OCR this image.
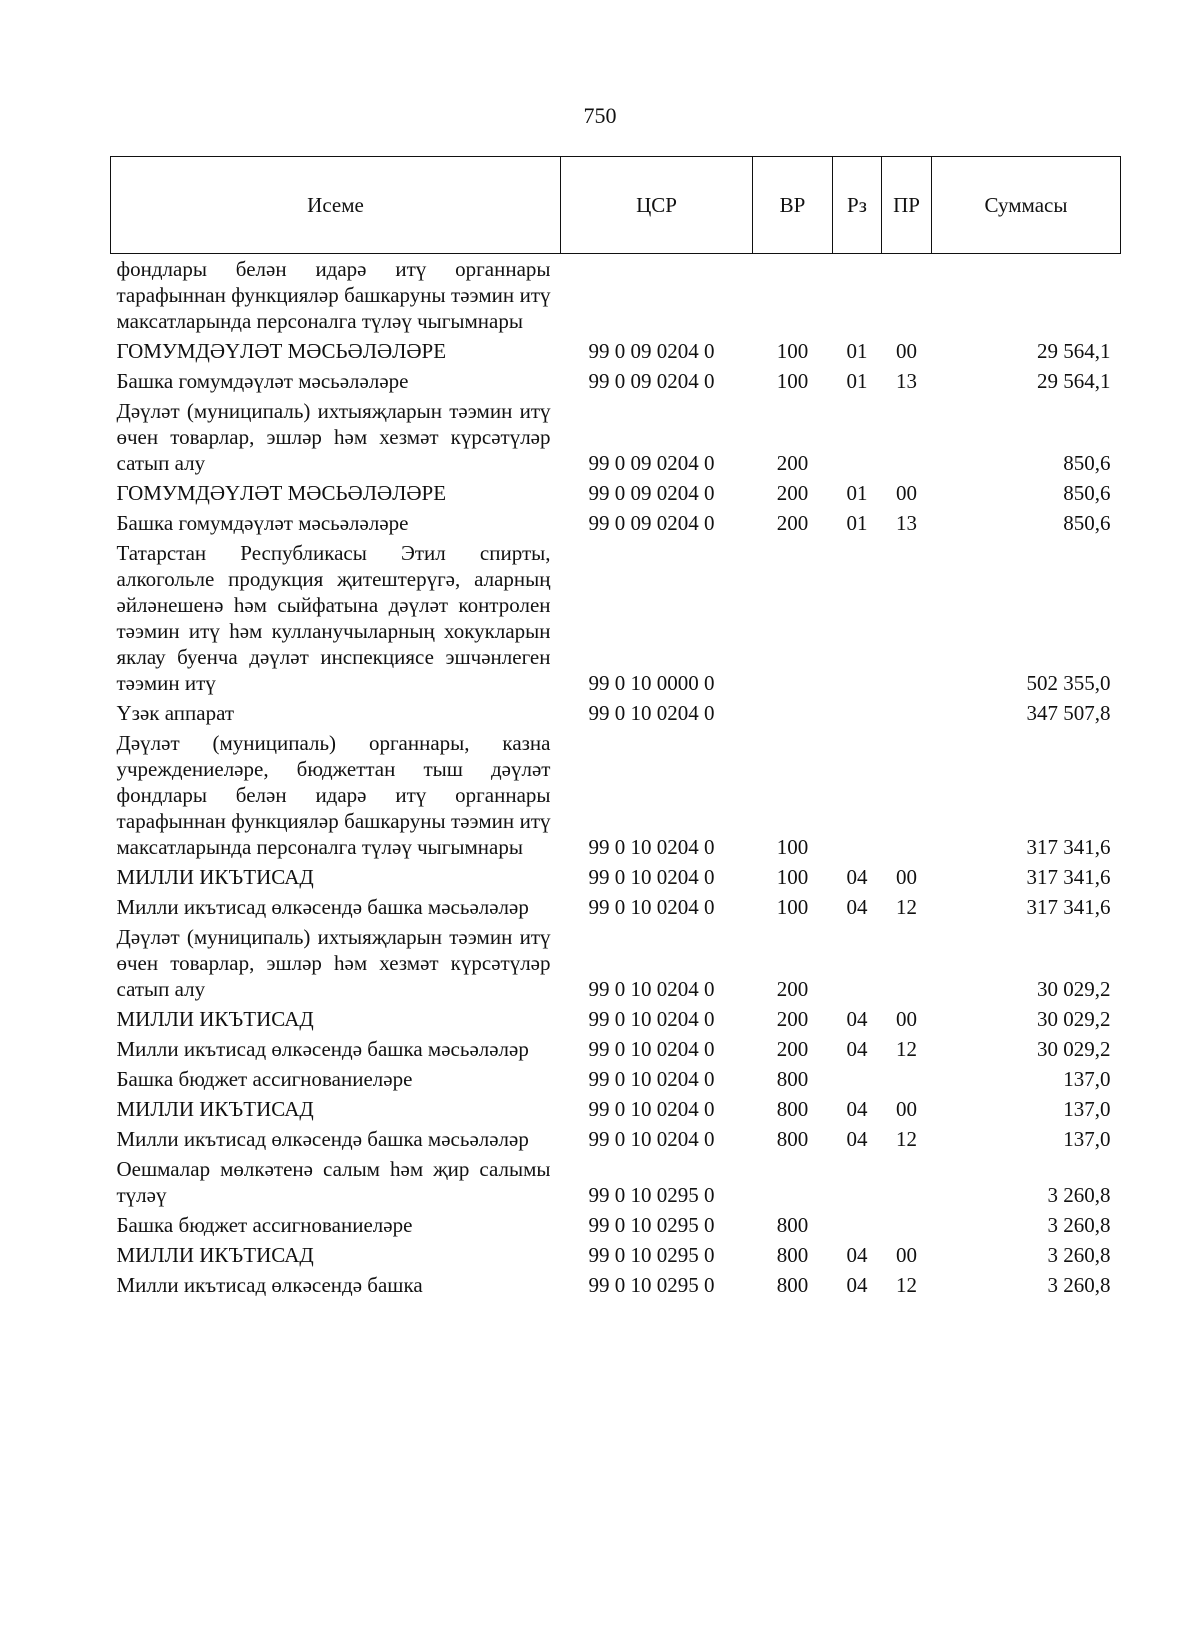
750
Исеме	ЦСР	ВР	Рз	ПР	Суммасы
фондлары белән идарә итү органнары тарафыннан функцияләр башкаруны тәэмин итү максатларында персоналга түләү чыгымнары					
ГОМУМДӘҮЛӘТ МӘСЬӘЛӘЛӘРЕ	99 0 09 0204 0	100	01	00	29 564,1
Башка гомумдәүләт мәсьәләләре	99 0 09 0204 0	100	01	13	29 564,1
Дәүләт (муниципаль) ихтыяҗларын тәэмин итү өчен товарлар, эшләр һәм хезмәт күрсәтүләр сатып алу	99 0 09 0204 0	200			850,6
ГОМУМДӘҮЛӘТ МӘСЬӘЛӘЛӘРЕ	99 0 09 0204 0	200	01	00	850,6
Башка гомумдәүләт мәсьәләләре	99 0 09 0204 0	200	01	13	850,6
Татарстан Республикасы Этил спирты, алкогольле продукция җитештерүгә, аларның әйләнешенә һәм сыйфатына дәүләт контролен тәэмин итү һәм кулланучыларның хокукларын яклау буенча дәүләт инспекциясе эшчәнлеген тәэмин итү	99 0 10 0000 0				502 355,0
Үзәк аппарат	99 0 10 0204 0				347 507,8
Дәүләт (муниципаль) органнары, казна учреждениеләре, бюджеттан тыш дәүләт фондлары белән идарә итү органнары тарафыннан функцияләр башкаруны тәэмин итү максатларында персоналга түләү чыгымнары	99 0 10 0204 0	100			317 341,6
МИЛЛИ ИКЪТИСАД	99 0 10 0204 0	100	04	00	317 341,6
Милли икътисад өлкәсендә башка мәсьәләләр	99 0 10 0204 0	100	04	12	317 341,6
Дәүләт (муниципаль) ихтыяҗларын тәэмин итү өчен товарлар, эшләр һәм хезмәт күрсәтүләр сатып алу	99 0 10 0204 0	200			30 029,2
МИЛЛИ ИКЪТИСАД	99 0 10 0204 0	200	04	00	30 029,2
Милли икътисад өлкәсендә башка мәсьәләләр	99 0 10 0204 0	200	04	12	30 029,2
Башка бюджет ассигнованиеләре	99 0 10 0204 0	800			137,0
МИЛЛИ ИКЪТИСАД	99 0 10 0204 0	800	04	00	137,0
Милли икътисад өлкәсендә башка мәсьәләләр	99 0 10 0204 0	800	04	12	137,0
Оешмалар мөлкәтенә салым һәм җир салымы түләү	99 0 10 0295 0				3 260,8
Башка бюджет ассигнованиеләре	99 0 10 0295 0	800			3 260,8
МИЛЛИ ИКЪТИСАД	99 0 10 0295 0	800	04	00	3 260,8
Милли икътисад өлкәсендә башка	99 0 10 0295 0	800	04	12	3 260,8
